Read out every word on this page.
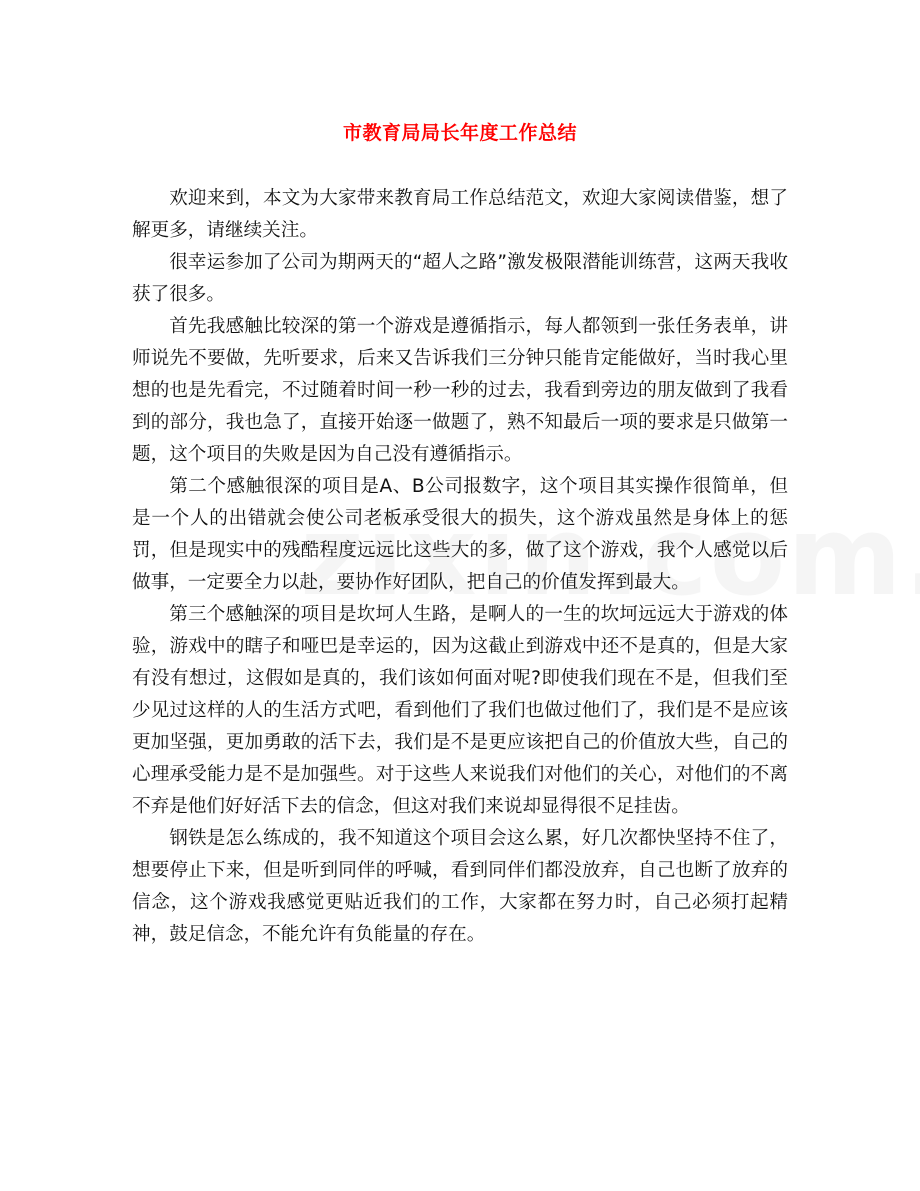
市教育局局长年度工作总结

欢迎来到，本文为大家带来教育局工作总结范文，欢迎大家阅读借鉴，想了解更多，请继续关注。

很幸运参加了公司为期两天的“超人之路”激发极限潜能训练营，这两天我收获了很多。

首先我感触比较深的第一个游戏是遵循指示，每人都领到一张任务表单，讲师说先不要做，先听要求，后来又告诉我们三分钟只能肯定能做好，当时我心里想的也是先看完，不过随着时间一秒一秒的过去，我看到旁边的朋友做到了我看到的部分，我也急了，直接开始逐一做题了，熟不知最后一项的要求是只做第一题，这个项目的失败是因为自己没有遵循指示。

第二个感触很深的项目是A、B公司报数字，这个项目其实操作很简单，但是一个人的出错就会使公司老板承受很大的损失，这个游戏虽然是身体上的惩罚，但是现实中的残酷程度远远比这些大的多，做了这个游戏，我个人感觉以后做事，一定要全力以赴，要协作好团队，把自己的价值发挥到最大。

第三个感触深的项目是坎坷人生路，是啊人的一生的坎坷远远大于游戏的体验，游戏中的瞎子和哑巴是幸运的，因为这截止到游戏中还不是真的，但是大家有没有想过，这假如是真的，我们该如何面对呢?即使我们现在不是，但我们至少见过这样的人的生活方式吧，看到他们了我们也做过他们了，我们是不是应该更加坚强，更加勇敢的活下去，我们是不是更应该把自己的价值放大些，自己的心理承受能力是不是加强些。对于这些人来说我们对他们的关心，对他们的不离不弃是他们好好活下去的信念，但这对我们来说却显得很不足挂齿。

钢铁是怎么练成的，我不知道这个项目会这么累，好几次都快坚持不住了，想要停止下来，但是听到同伴的呼喊，看到同伴们都没放弃，自己也断了放弃的信念，这个游戏我感觉更贴近我们的工作，大家都在努力时，自己必须打起精神，鼓足信念，不能允许有负能量的存在。
